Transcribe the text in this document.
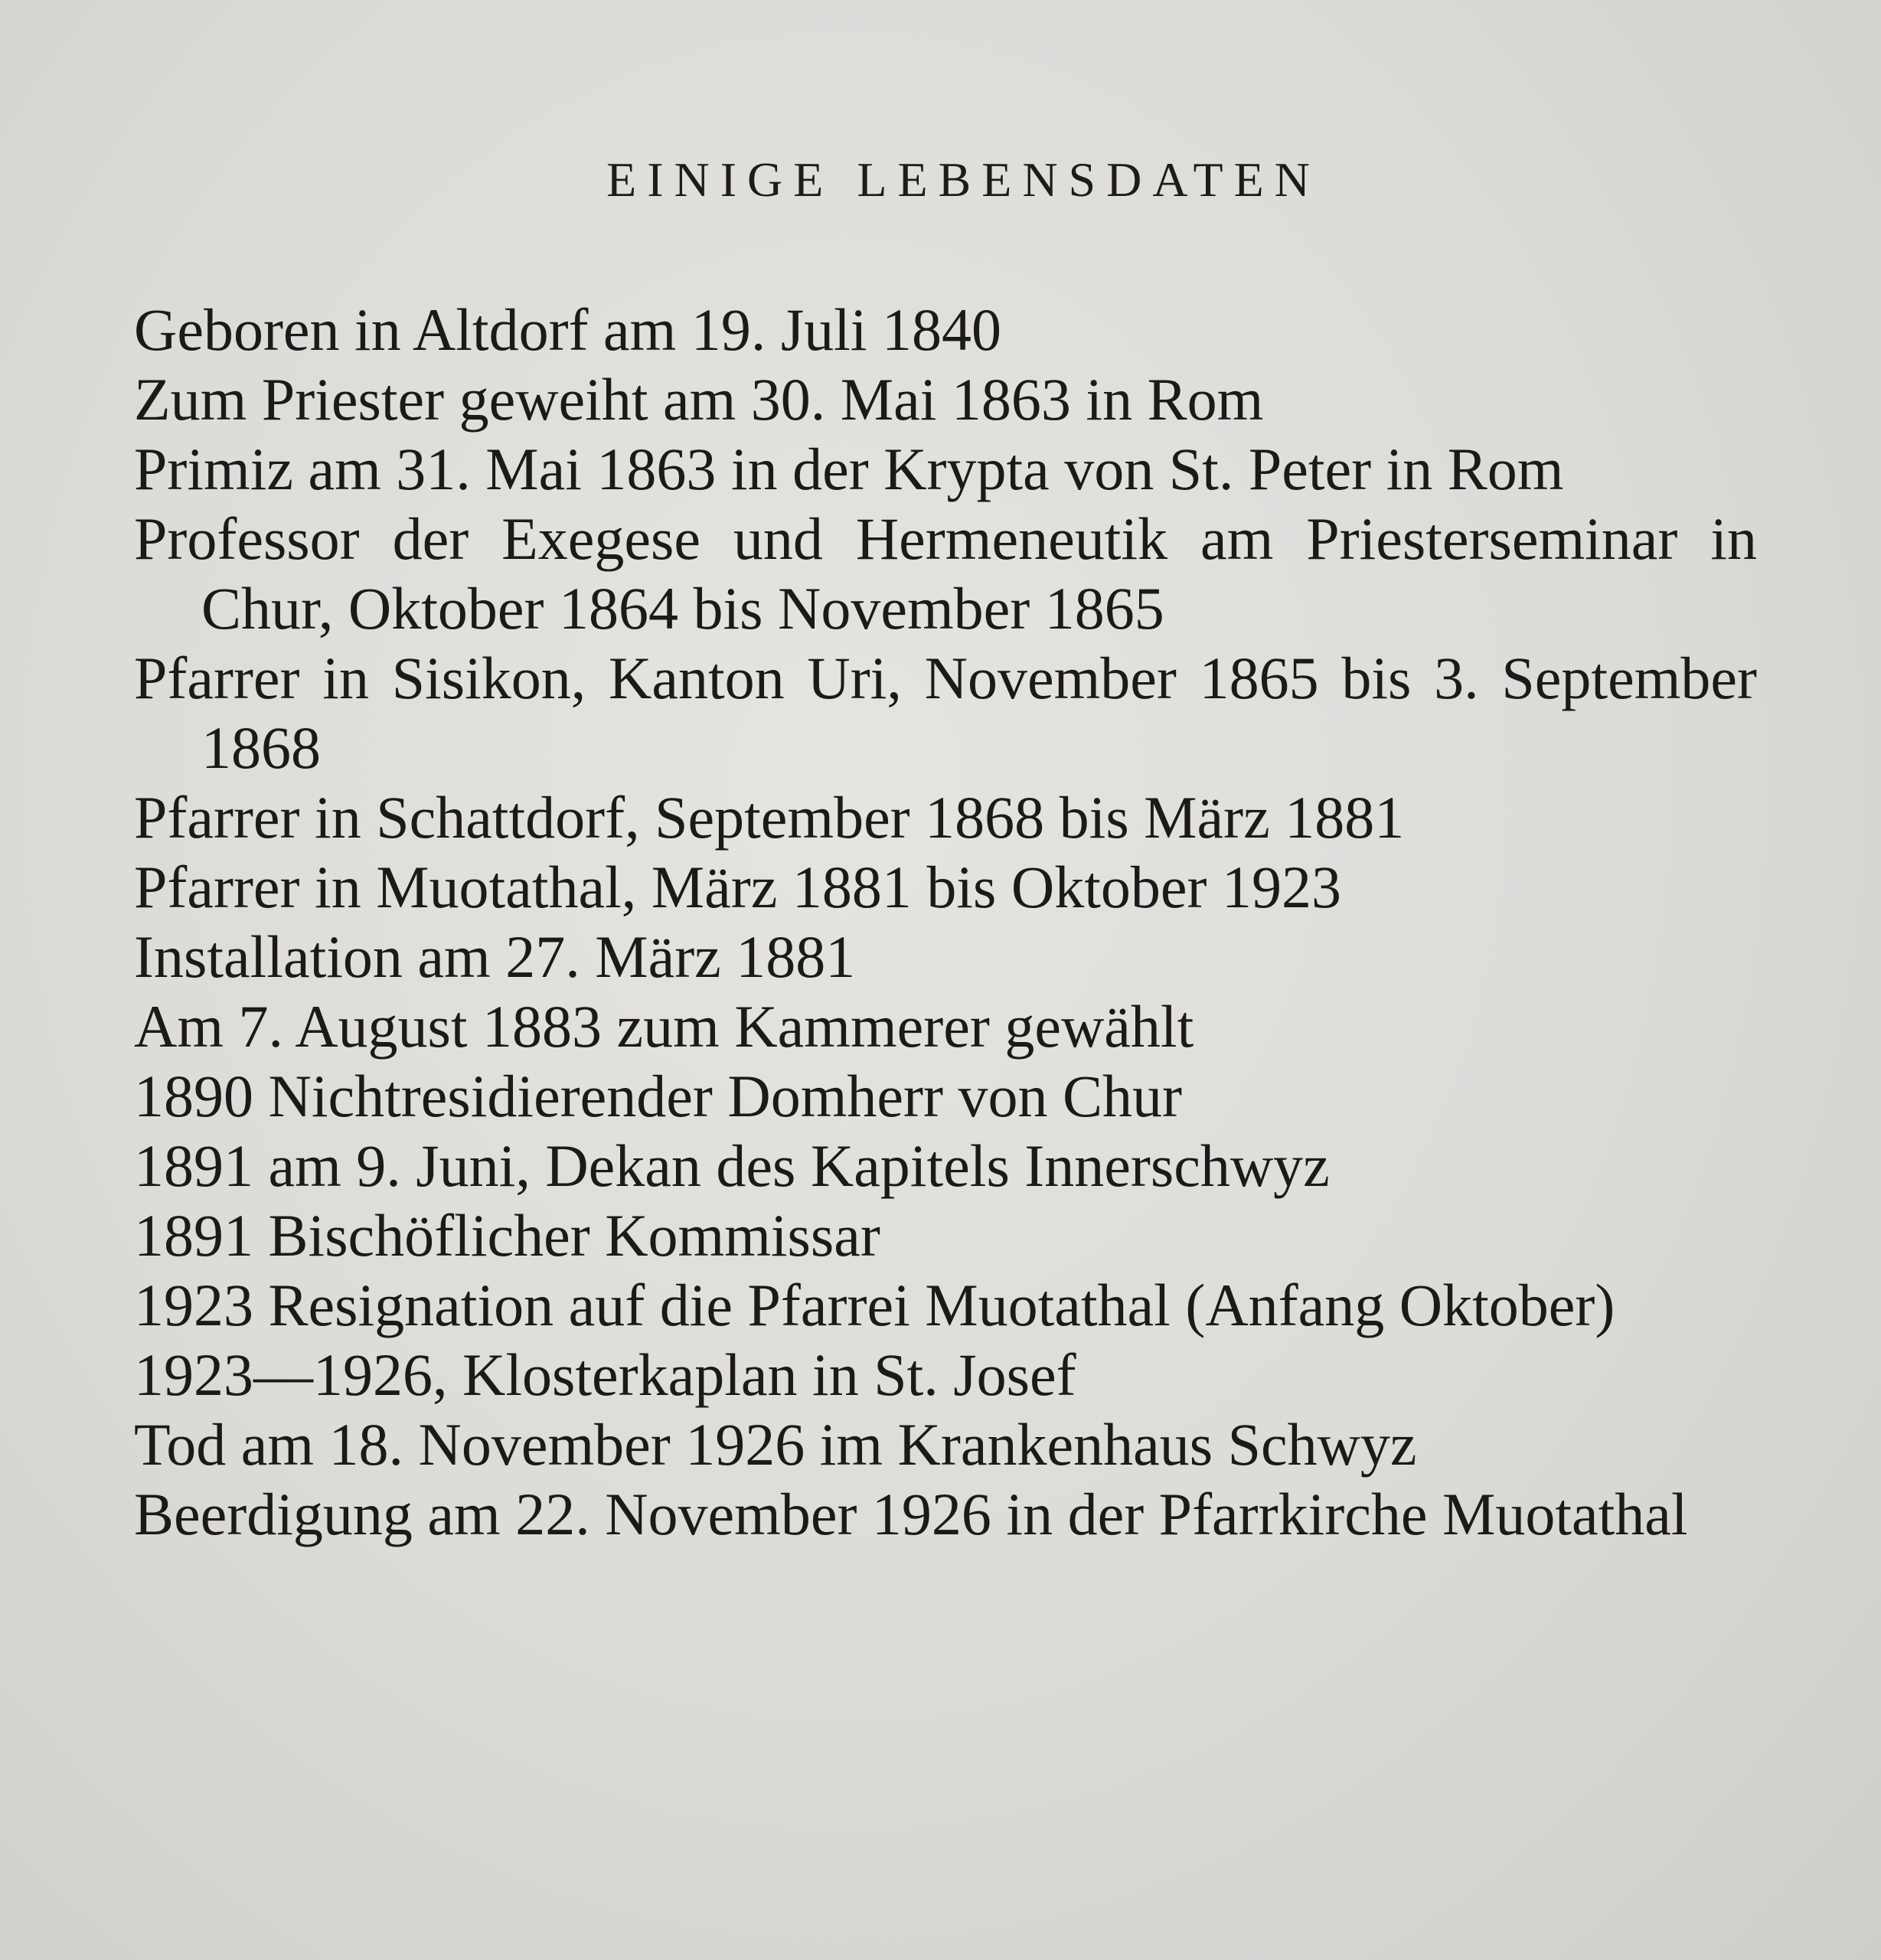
EINIGE LEBENSDATEN
Geboren in Altdorf am 19. Juli 1840
Zum Priester geweiht am 30. Mai 1863 in Rom
Primiz am 31. Mai 1863 in der Krypta von St. Peter in Rom
Professor der Exegese und Hermeneutik am Priesterseminar in Chur, Oktober 1864 bis November 1865
Pfarrer in Sisikon, Kanton Uri, November 1865 bis 3. September 1868
Pfarrer in Schattdorf, September 1868 bis März 1881
Pfarrer in Muotathal, März 1881 bis Oktober 1923
Installation am 27. März 1881
Am 7. August 1883 zum Kammerer gewählt
1890 Nichtresidierender Domherr von Chur
1891 am 9. Juni, Dekan des Kapitels Innerschwyz
1891 Bischöflicher Kommissar
1923 Resignation auf die Pfarrei Muotathal (Anfang Oktober)
1923—1926, Klosterkaplan in St. Josef
Tod am 18. November 1926 im Krankenhaus Schwyz
Beerdigung am 22. November 1926 in der Pfarrkirche Muotathal
